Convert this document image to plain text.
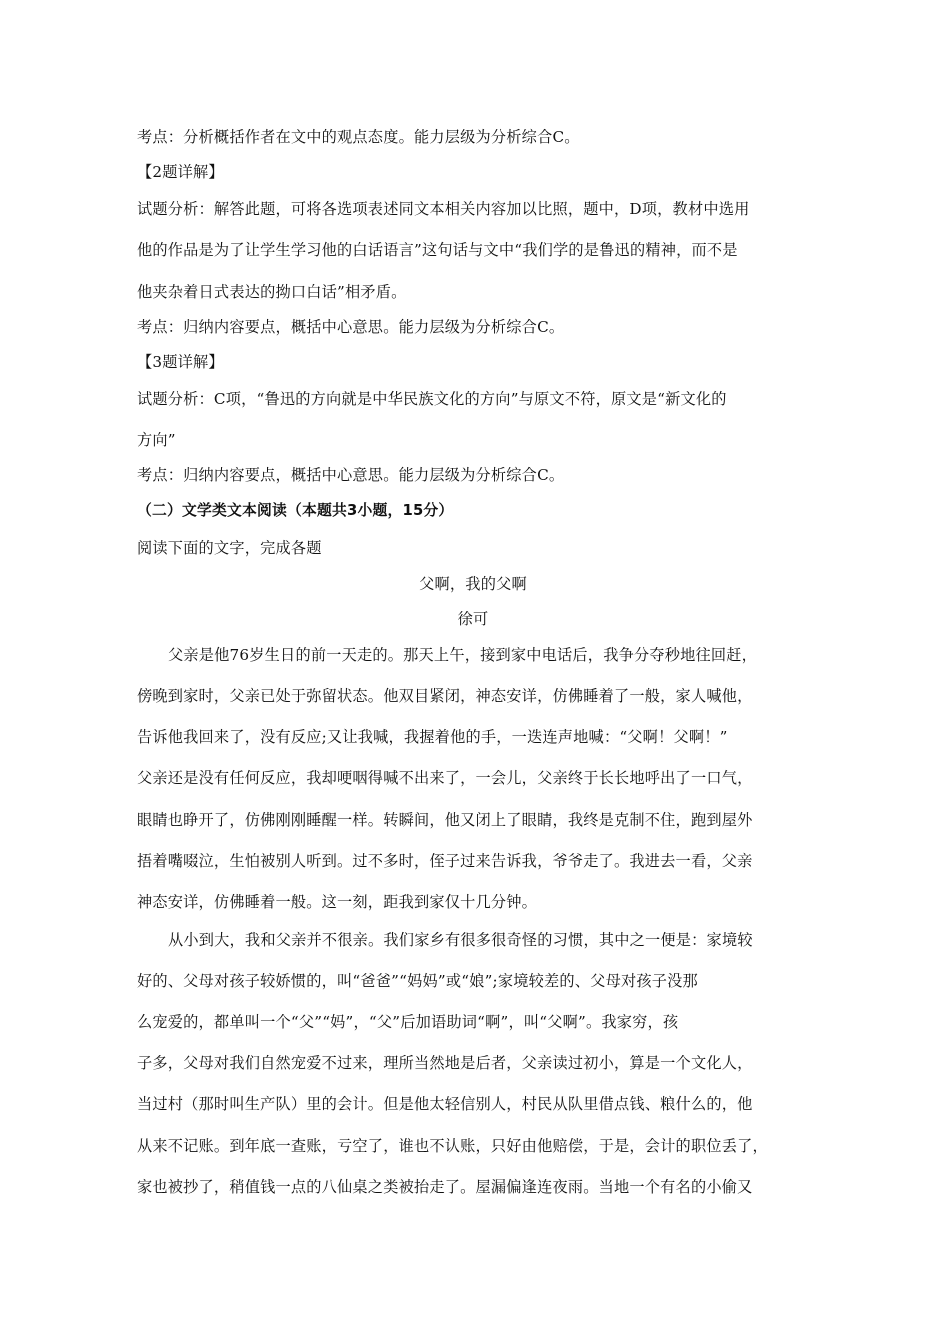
考点：分析概括作者在文中的观点态度。能力层级为分析综合C。
【2题详解】
试题分析：解答此题，可将各选项表述同文本相关内容加以比照，题中，D项，教材中选用
他的作品是为了让学生学习他的白话语言”这句话与文中“我们学的是鲁迅的精神，而不是
他夹杂着日式表达的拗口白话”相矛盾。
考点：归纳内容要点，概括中心意思。能力层级为分析综合C。
【3题详解】
试题分析：C项，“鲁迅的方向就是中华民族文化的方向”与原文不符，原文是“新文化的
方向”
考点：归纳内容要点，概括中心意思。能力层级为分析综合C。
（二）文学类文本阅读（本题共3小题，15分）
阅读下面的文字，完成各题
父啊，我的父啊
徐可
父亲是他76岁生日的前一天走的。那天上午，接到家中电话后，我争分夺秒地往回赶，
傍晚到家时，父亲已处于弥留状态。他双目紧闭，神态安详，仿佛睡着了一般，家人喊他，
告诉他我回来了，没有反应;又让我喊，我握着他的手，一迭连声地喊：“父啊！父啊！”
父亲还是没有任何反应，我却哽咽得喊不出来了，一会儿，父亲终于长长地呼出了一口气，
眼睛也睁开了，仿佛刚刚睡醒一样。转瞬间，他又闭上了眼睛，我终是克制不住，跑到屋外
捂着嘴啜泣，生怕被别人听到。过不多时，侄子过来告诉我，爷爷走了。我进去一看，父亲
神态安详，仿佛睡着一般。这一刻，距我到家仅十几分钟。
从小到大，我和父亲并不很亲。我们家乡有很多很奇怪的习惯，其中之一便是：家境较
好的、父母对孩子较娇惯的，叫“爸爸”“妈妈”或“娘”;家境较差的、父母对孩子没那
么宠爱的，都单叫一个“父”“妈”，“父”后加语助词“啊”，叫“父啊”。我家穷，孩
子多，父母对我们自然宠爱不过来，理所当然地是后者，父亲读过初小，算是一个文化人，
当过村（那时叫生产队）里的会计。但是他太轻信别人，村民从队里借点钱、粮什么的，他
从来不记账。到年底一查账，亏空了，谁也不认账，只好由他赔偿，于是，会计的职位丢了，
家也被抄了，稍值钱一点的八仙桌之类被抬走了。屋漏偏逢连夜雨。当地一个有名的小偷又
